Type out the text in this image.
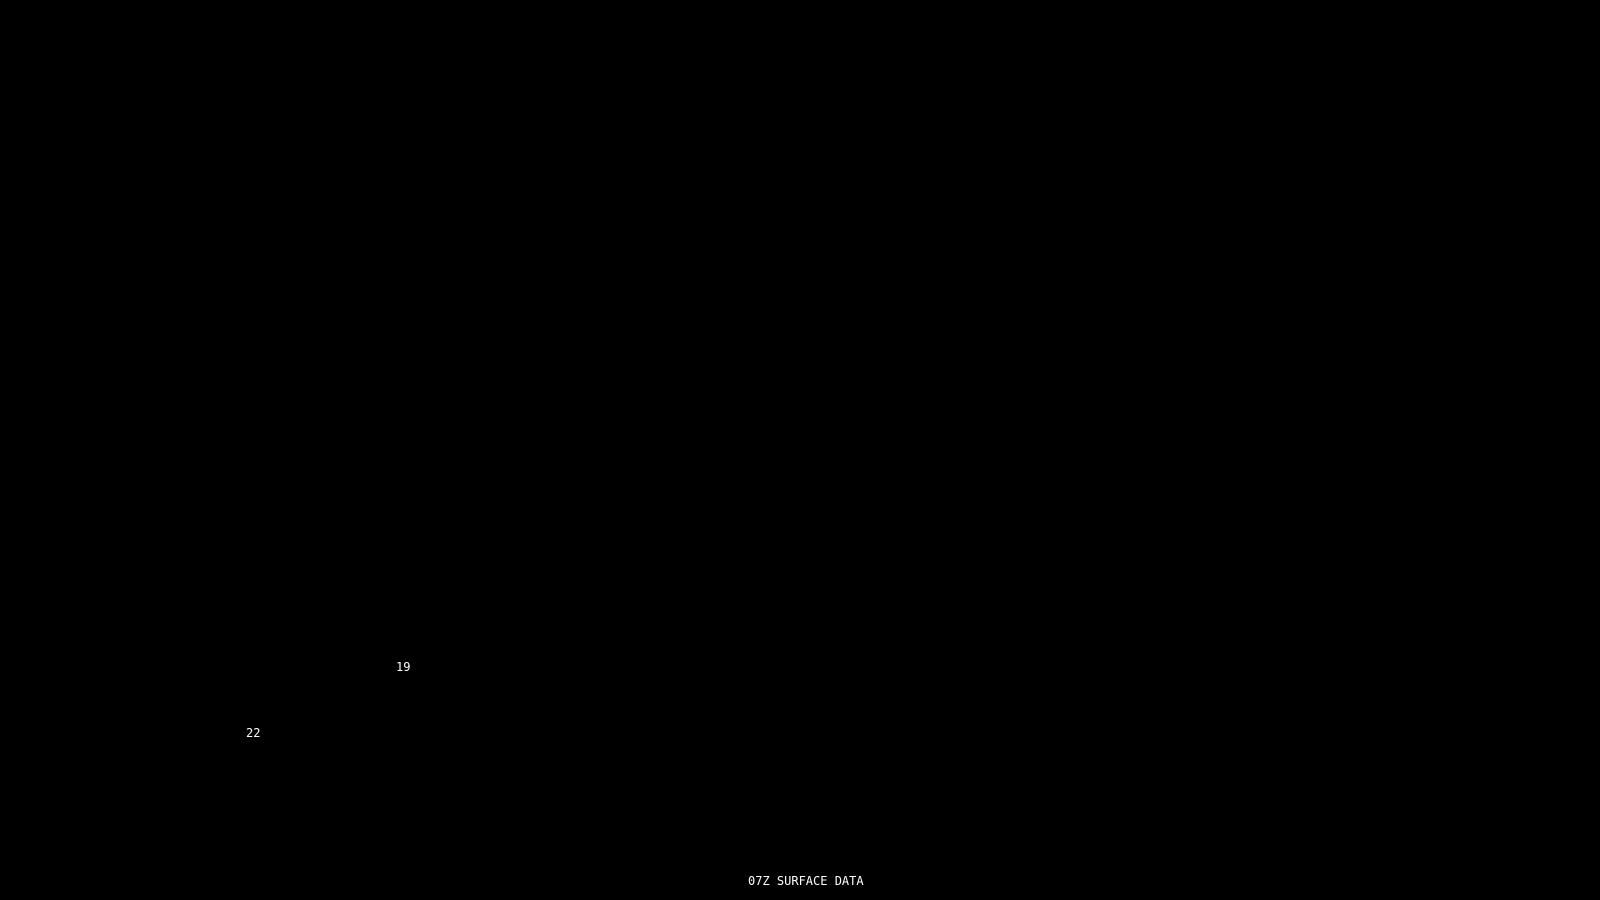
19
22
07Z SURFACE DATA
